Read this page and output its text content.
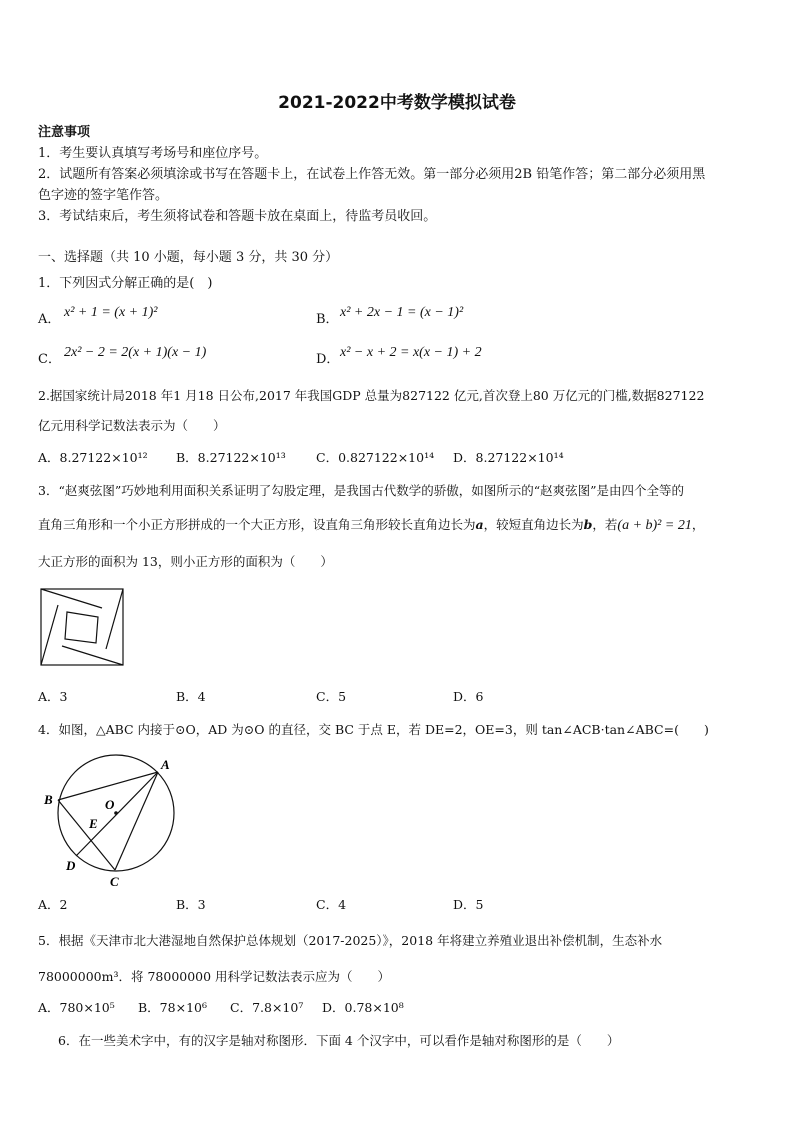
2021-2022中考数学模拟试卷
注意事项
1．考生要认真填写考场号和座位序号。
2．试题所有答案必须填涂或书写在答题卡上，在试卷上作答无效。第一部分必须用2B 铅笔作答；第二部分必须用黑
色字迹的签字笔作答。
3．考试结束后，考生须将试卷和答题卡放在桌面上，待监考员收回。
一、选择题（共 10 小题，每小题 3 分，共 30 分）
1．下列因式分解正确的是(　)
A． x² + 1 = (x + 1)²	B． x² + 2x − 1 = (x − 1)²
C． 2x² − 2 = 2(x + 1)(x − 1)	D． x² − x + 2 = x(x − 1) + 2
2.据国家统计局2018 年1 月18 日公布,2017 年我国GDP 总量为827122 亿元,首次登上80 万亿元的门槛,数据827122
亿元用科学记数法表示为（　　）
A．8.27122×10¹² B．8.27122×10¹³ C．0.827122×10¹⁴ D．8.27122×10¹⁴
3．“赵爽弦图”巧妙地利用面积关系证明了勾股定理，是我国古代数学的骄傲，如图所示的“赵爽弦图”是由四个全等的
直角三角形和一个小正方形拼成的一个大正方形，设直角三角形较长直角边长为a，较短直角边长为b，若(a + b)² = 21，
大正方形的面积为 13，则小正方形的面积为（　　）
A．3	B．4	C．5	D．6
4．如图，△ABC 内接于⊙O，AD 为⊙O 的直径，交 BC 于点 E，若 DE=2，OE=3，则 tan∠ACB·tan∠ABC=(　　)
A
B
C
D
E
O
A．2	B．3	C．4	D．5
5．根据《天津市北大港湿地自然保护总体规划（2017-2025）》，2018 年将建立养殖业退出补偿机制，生态补水
78000000m³．将 78000000 用科学记数法表示应为（　　）
A．780×10⁵ B．78×10⁶ C．7.8×10⁷ D．0.78×10⁸
6．在一些美术字中，有的汉字是轴对称图形．下面 4 个汉字中，可以看作是轴对称图形的是（　　）
